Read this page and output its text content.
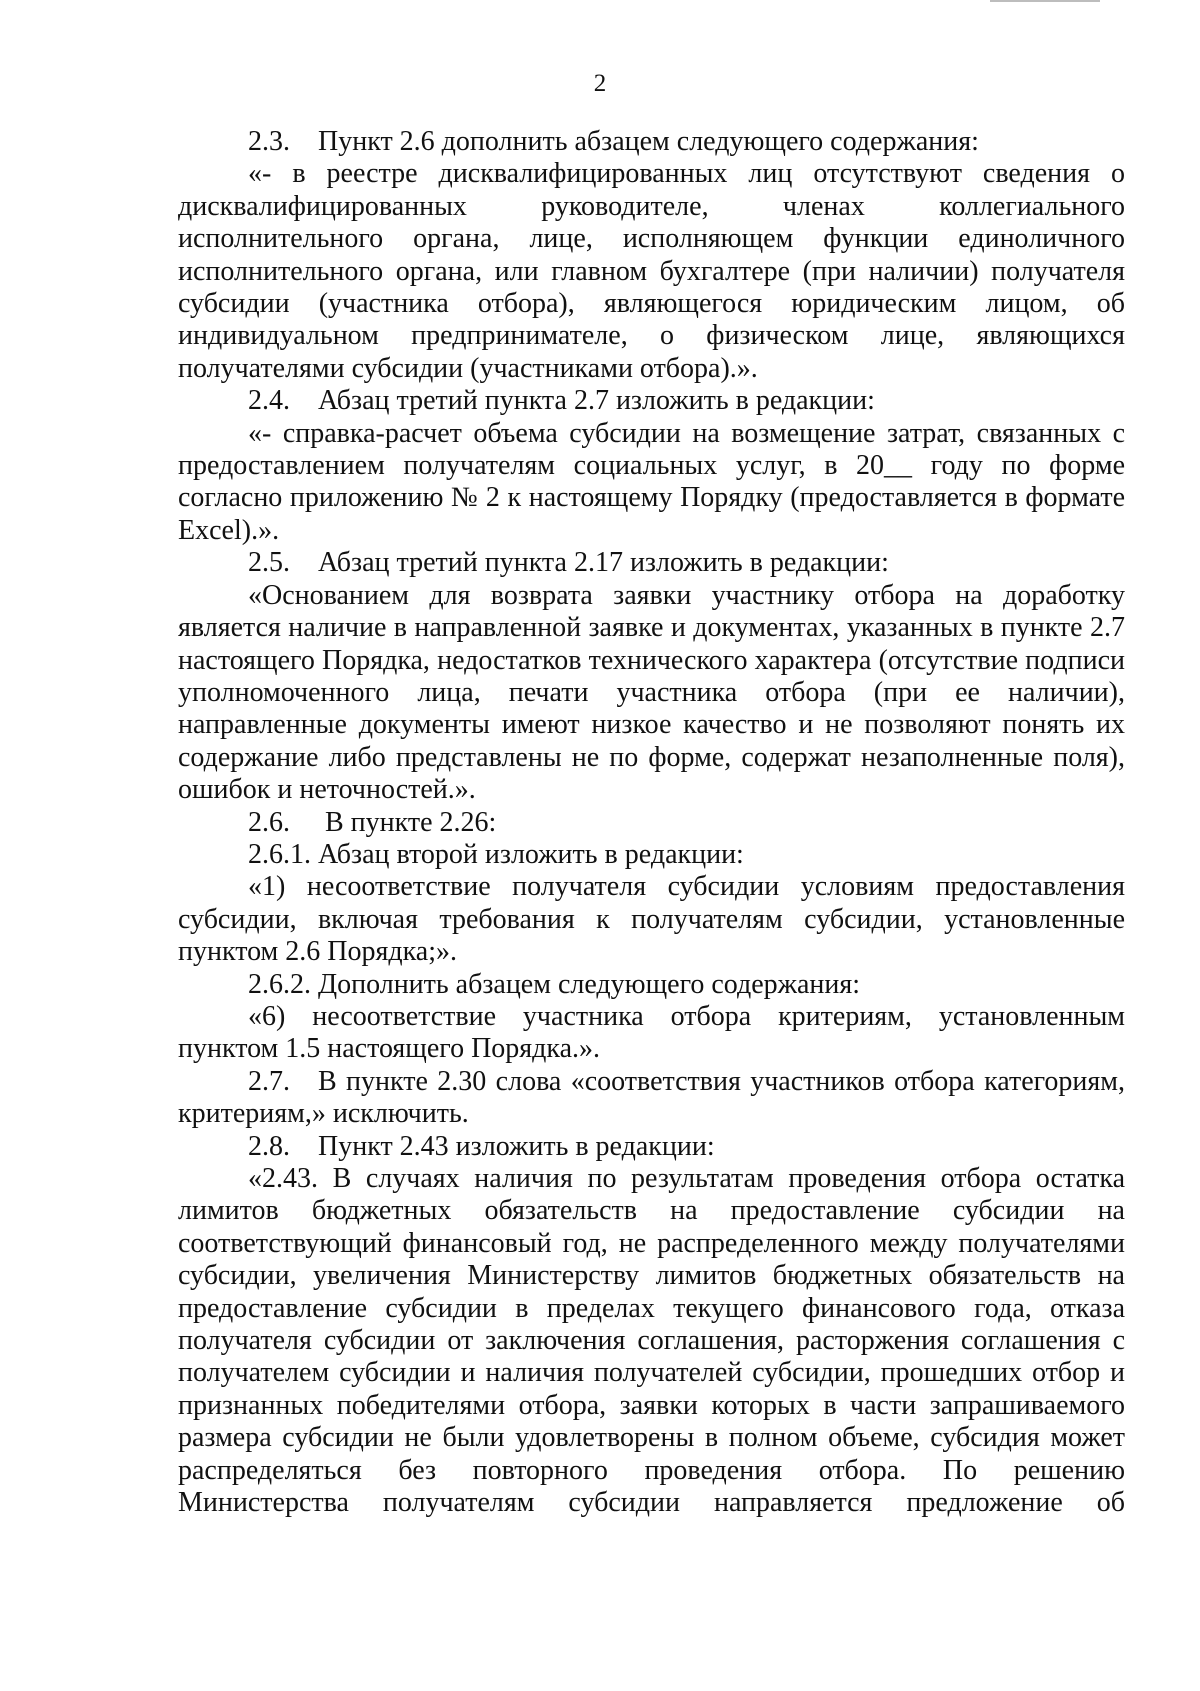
2

2.3. Пункт 2.6 дополнить абзацем следующего содержания:

«- в реестре дисквалифицированных лиц отсутствуют сведения о дисквалифицированных руководителе, членах коллегиального исполнительного органа, лице, исполняющем функции единоличного исполнительного органа, или главном бухгалтере (при наличии) получателя субсидии (участника отбора), являющегося юридическим лицом, об индивидуальном предпринимателе, о физическом лице, являющихся получателями субсидии (участниками отбора).».

2.4. Абзац третий пункта 2.7 изложить в редакции:

«- справка-расчет объема субсидии на возмещение затрат, связанных с предоставлением получателям социальных услуг, в 20__ году по форме согласно приложению № 2 к настоящему Порядку (предоставляется в формате Excel).».

2.5. Абзац третий пункта 2.17 изложить в редакции:

«Основанием для возврата заявки участнику отбора на доработку является наличие в направленной заявке и документах, указанных в пункте 2.7 настоящего Порядка, недостатков технического характера (отсутствие подписи уполномоченного лица, печати участника отбора (при ее наличии), направленные документы имеют низкое качество и не позволяют понять их содержание либо представлены не по форме, содержат незаполненные поля), ошибок и неточностей.».

2.6.  В пункте 2.26:

2.6.1. Абзац второй изложить в редакции:

«1) несоответствие получателя субсидии условиям предоставления субсидии, включая требования к получателям субсидии, установленные пунктом 2.6 Порядка;».

2.6.2. Дополнить абзацем следующего содержания:

«6) несоответствие участника отбора критериям, установленным пунктом 1.5 настоящего Порядка.».

2.7. В пункте 2.30 слова «соответствия участников отбора категориям, критериям,» исключить.

2.8. Пункт 2.43 изложить в редакции:

«2.43. В случаях наличия по результатам проведения отбора остатка лимитов бюджетных обязательств на предоставление субсидии на соответствующий финансовый год, не распределенного между получателями субсидии, увеличения Министерству лимитов бюджетных обязательств на предоставление субсидии в пределах текущего финансового года, отказа получателя субсидии от заключения соглашения, расторжения соглашения с получателем субсидии и наличия получателей субсидии, прошедших отбор и признанных победителями отбора, заявки которых в части запрашиваемого размера субсидии не были удовлетворены в полном объеме, субсидия может распределяться без повторного проведения отбора. По решению Министерства получателям субсидии направляется предложение об
